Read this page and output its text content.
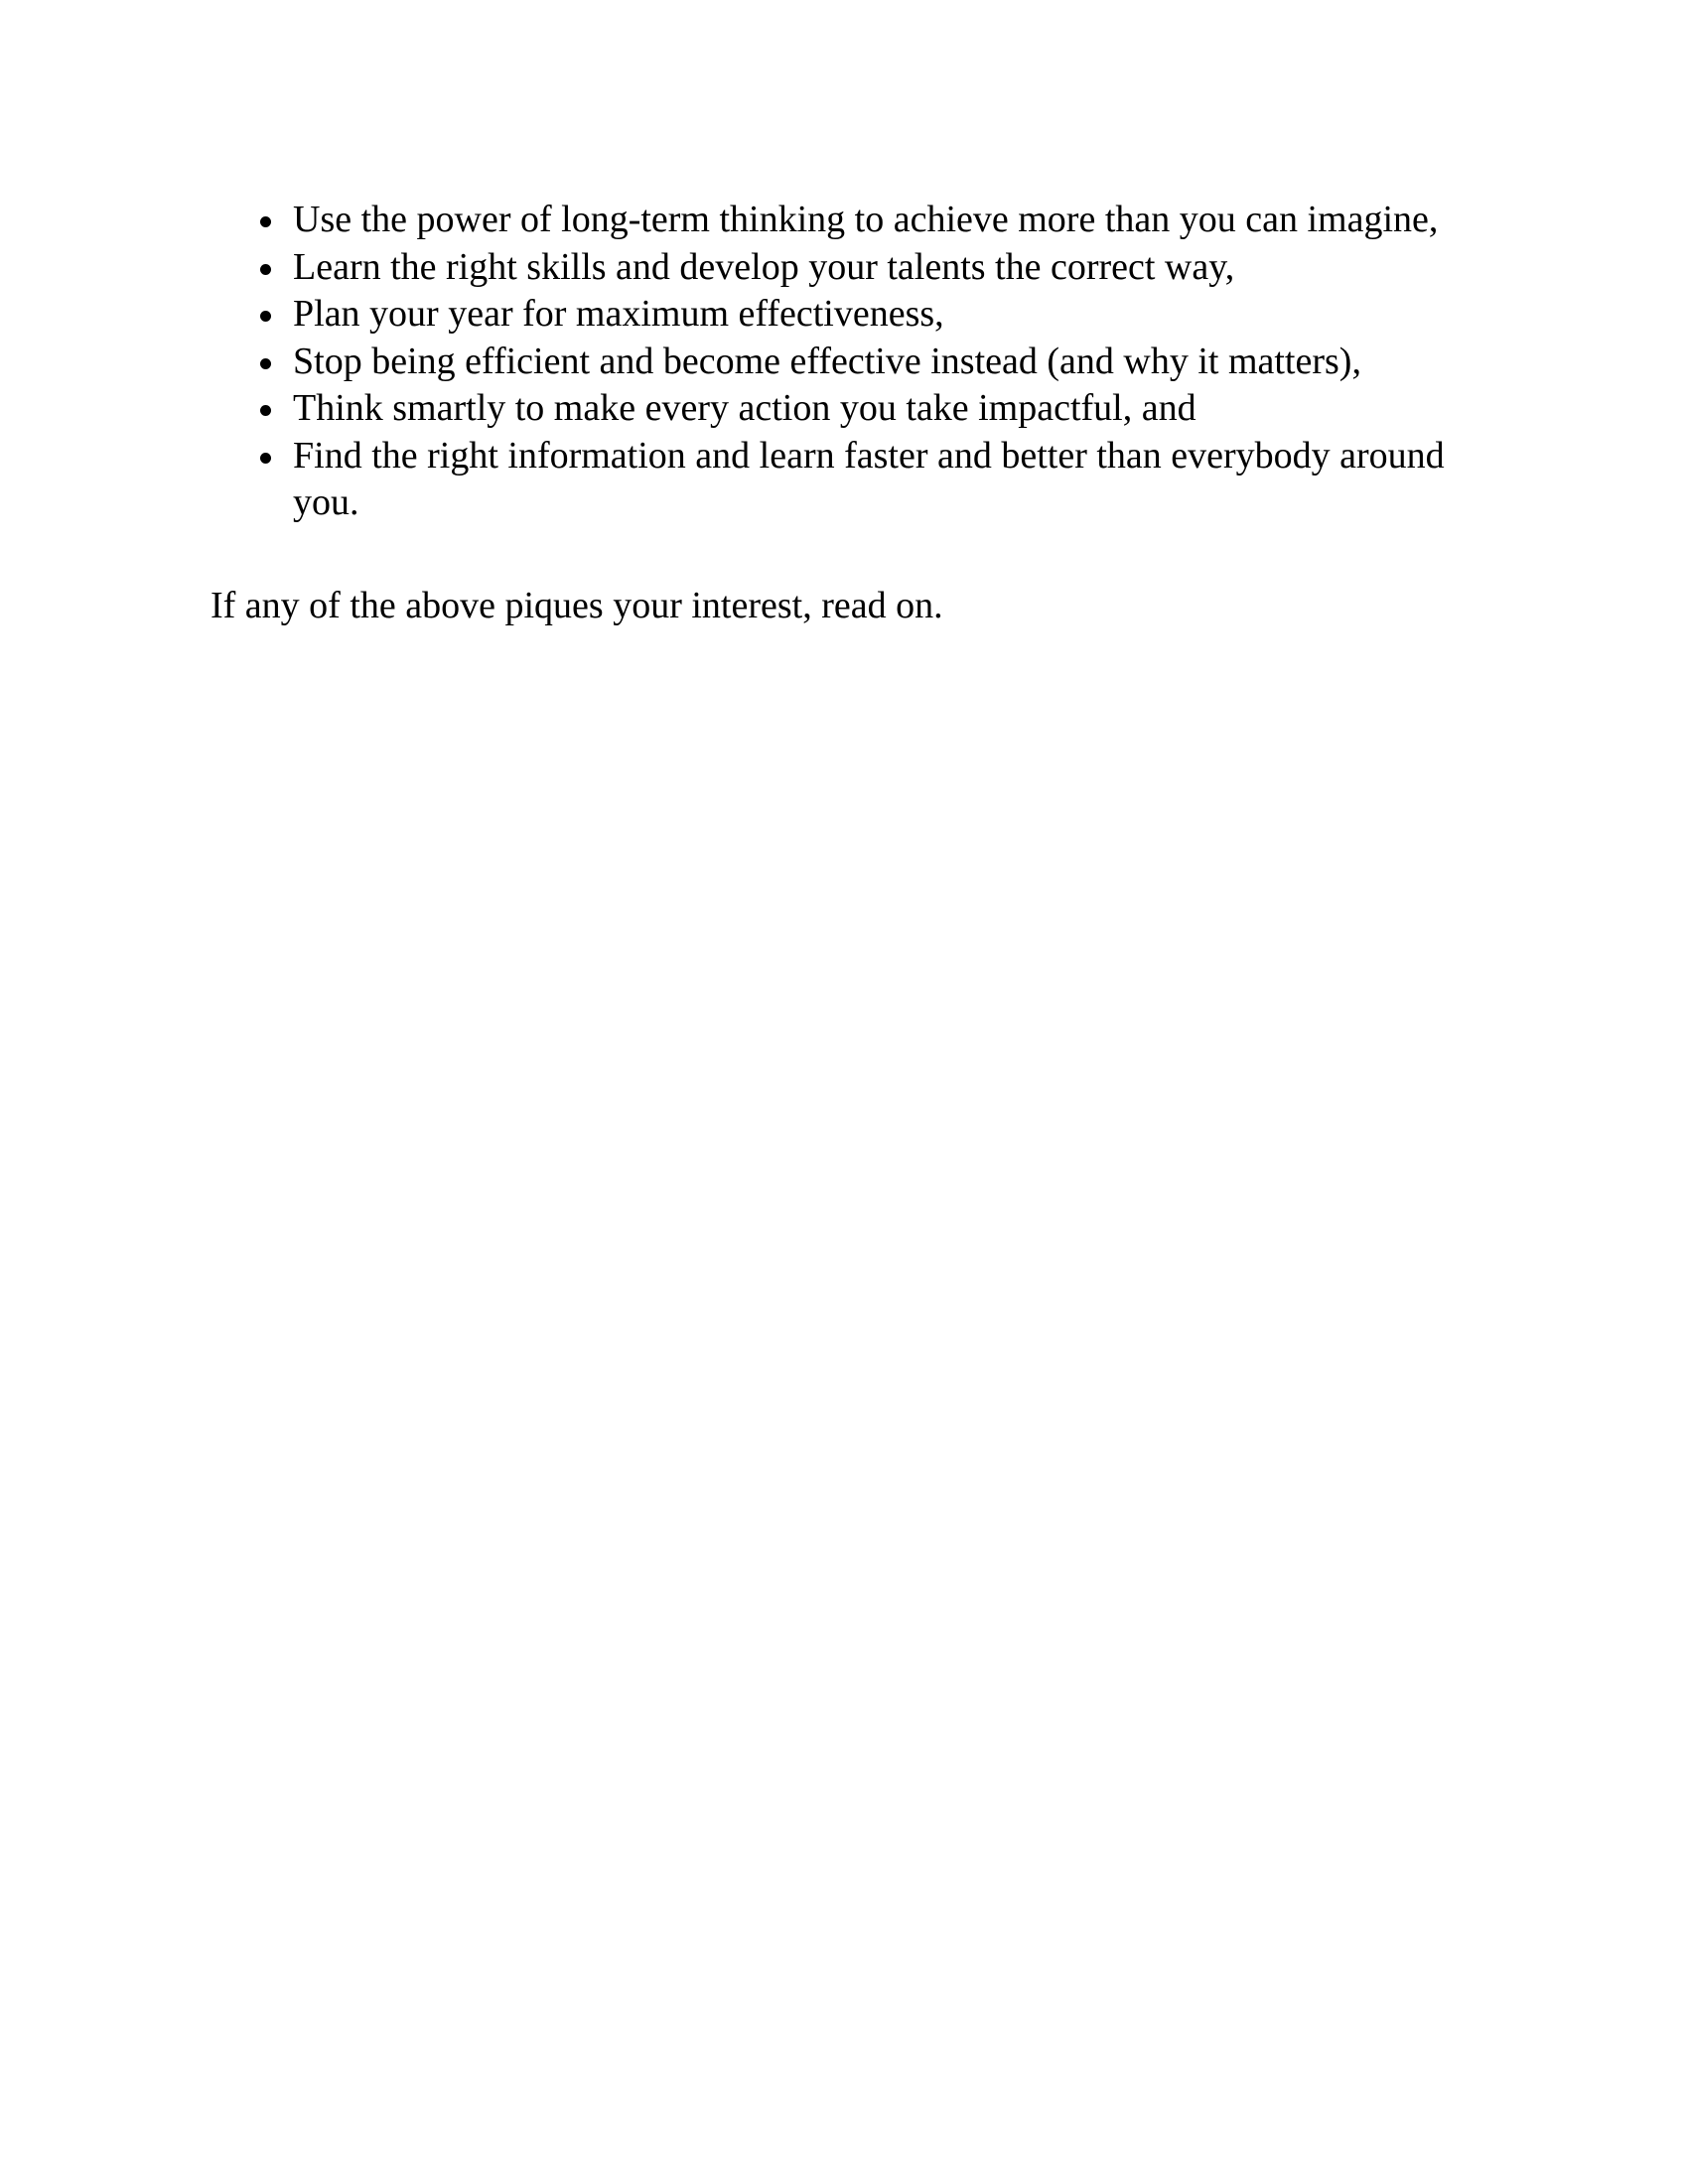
Use the power of long-term thinking to achieve more than you can imagine,
Learn the right skills and develop your talents the correct way,
Plan your year for maximum effectiveness,
Stop being efficient and become effective instead (and why it matters),
Think smartly to make every action you take impactful, and
Find the right information and learn faster and better than everybody around you.

If any of the above piques your interest, read on.
